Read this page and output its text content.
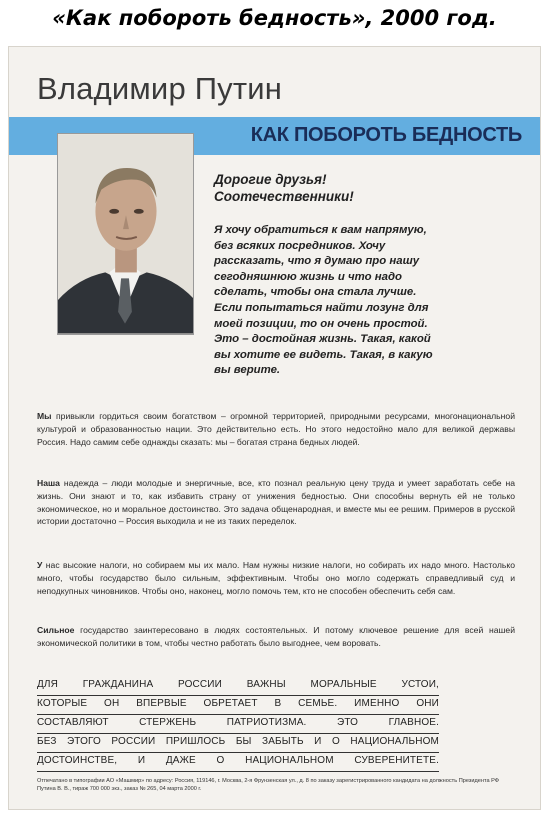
«Как побороть бедность», 2000 год.
Владимир Путин
КАК ПОБОРОТЬ БЕДНОСТЬ
Дорогие друзья!
Соотечественники!
Я хочу обратиться к вам напрямую,
без всяких посредников. Хочу
рассказать, что я думаю про нашу
сегодняшнюю жизнь и что надо
сделать, чтобы она стала лучше.
Если попытаться найти лозунг для
моей позиции, то он очень простой.
Это – достойная жизнь. Такая, какой
вы хотите ее видеть. Такая, в какую
вы верите.
Мы привыкли гордиться своим богатством – огромной территорией, природными ресурсами, многонациональной культурой и образованностью нации. Это действительно есть. Но этого недостойно мало для великой державы Россия. Надо самим себе однажды сказать: мы – богатая страна бедных людей.
Наша надежда – люди молодые и энергичные, все, кто познал реальную цену труда и умеет заработать себе на жизнь. Они знают и то, как избавить страну от унижения бедностью. Они способны вернуть ей не только экономическое, но и моральное достоинство. Это задача общенародная, и вместе мы ее решим. Примеров в русской истории достаточно – Россия выходила и не из таких переделок.
У нас высокие налоги, но собираем мы их мало. Нам нужны низкие налоги, но собирать их надо много. Настолько много, чтобы государство было сильным, эффективным. Чтобы оно могло содержать справедливый суд и неподкупных чиновников. Чтобы оно, наконец, могло помочь тем, кто не способен обеспечить себя сам.
Сильное государство заинтересовано в людях состоятельных. И потому ключевое решение для всей нашей экономической политики в том, чтобы честно работать было выгоднее, чем воровать.
ДЛЯ ГРАЖДАНИНА РОССИИ ВАЖНЫ МОРАЛЬНЫЕ УСТОИ,
КОТОРЫЕ ОН ВПЕРВЫЕ ОБРЕТАЕТ В СЕМЬЕ. ИМЕННО ОНИ
СОСТАВЛЯЮТ СТЕРЖЕНЬ ПАТРИОТИЗМА. ЭТО ГЛАВНОЕ.
БЕЗ ЭТОГО РОССИИ ПРИШЛОСЬ БЫ ЗАБЫТЬ И О НАЦИОНАЛЬНОМ
ДОСТОИНСТВЕ, И ДАЖЕ О НАЦИОНАЛЬНОМ СУВЕРЕНИТЕТЕ.
Отпечатано в типографии АО «Машмир» по адресу: Россия, 119146, г. Москва, 2-я Фрунзенская ул., д. 8 по заказу зарегистрированного кандидата на должность Президента РФ Путина В. В., тираж 700 000 экз., заказ № 265, 04 марта 2000 г.
